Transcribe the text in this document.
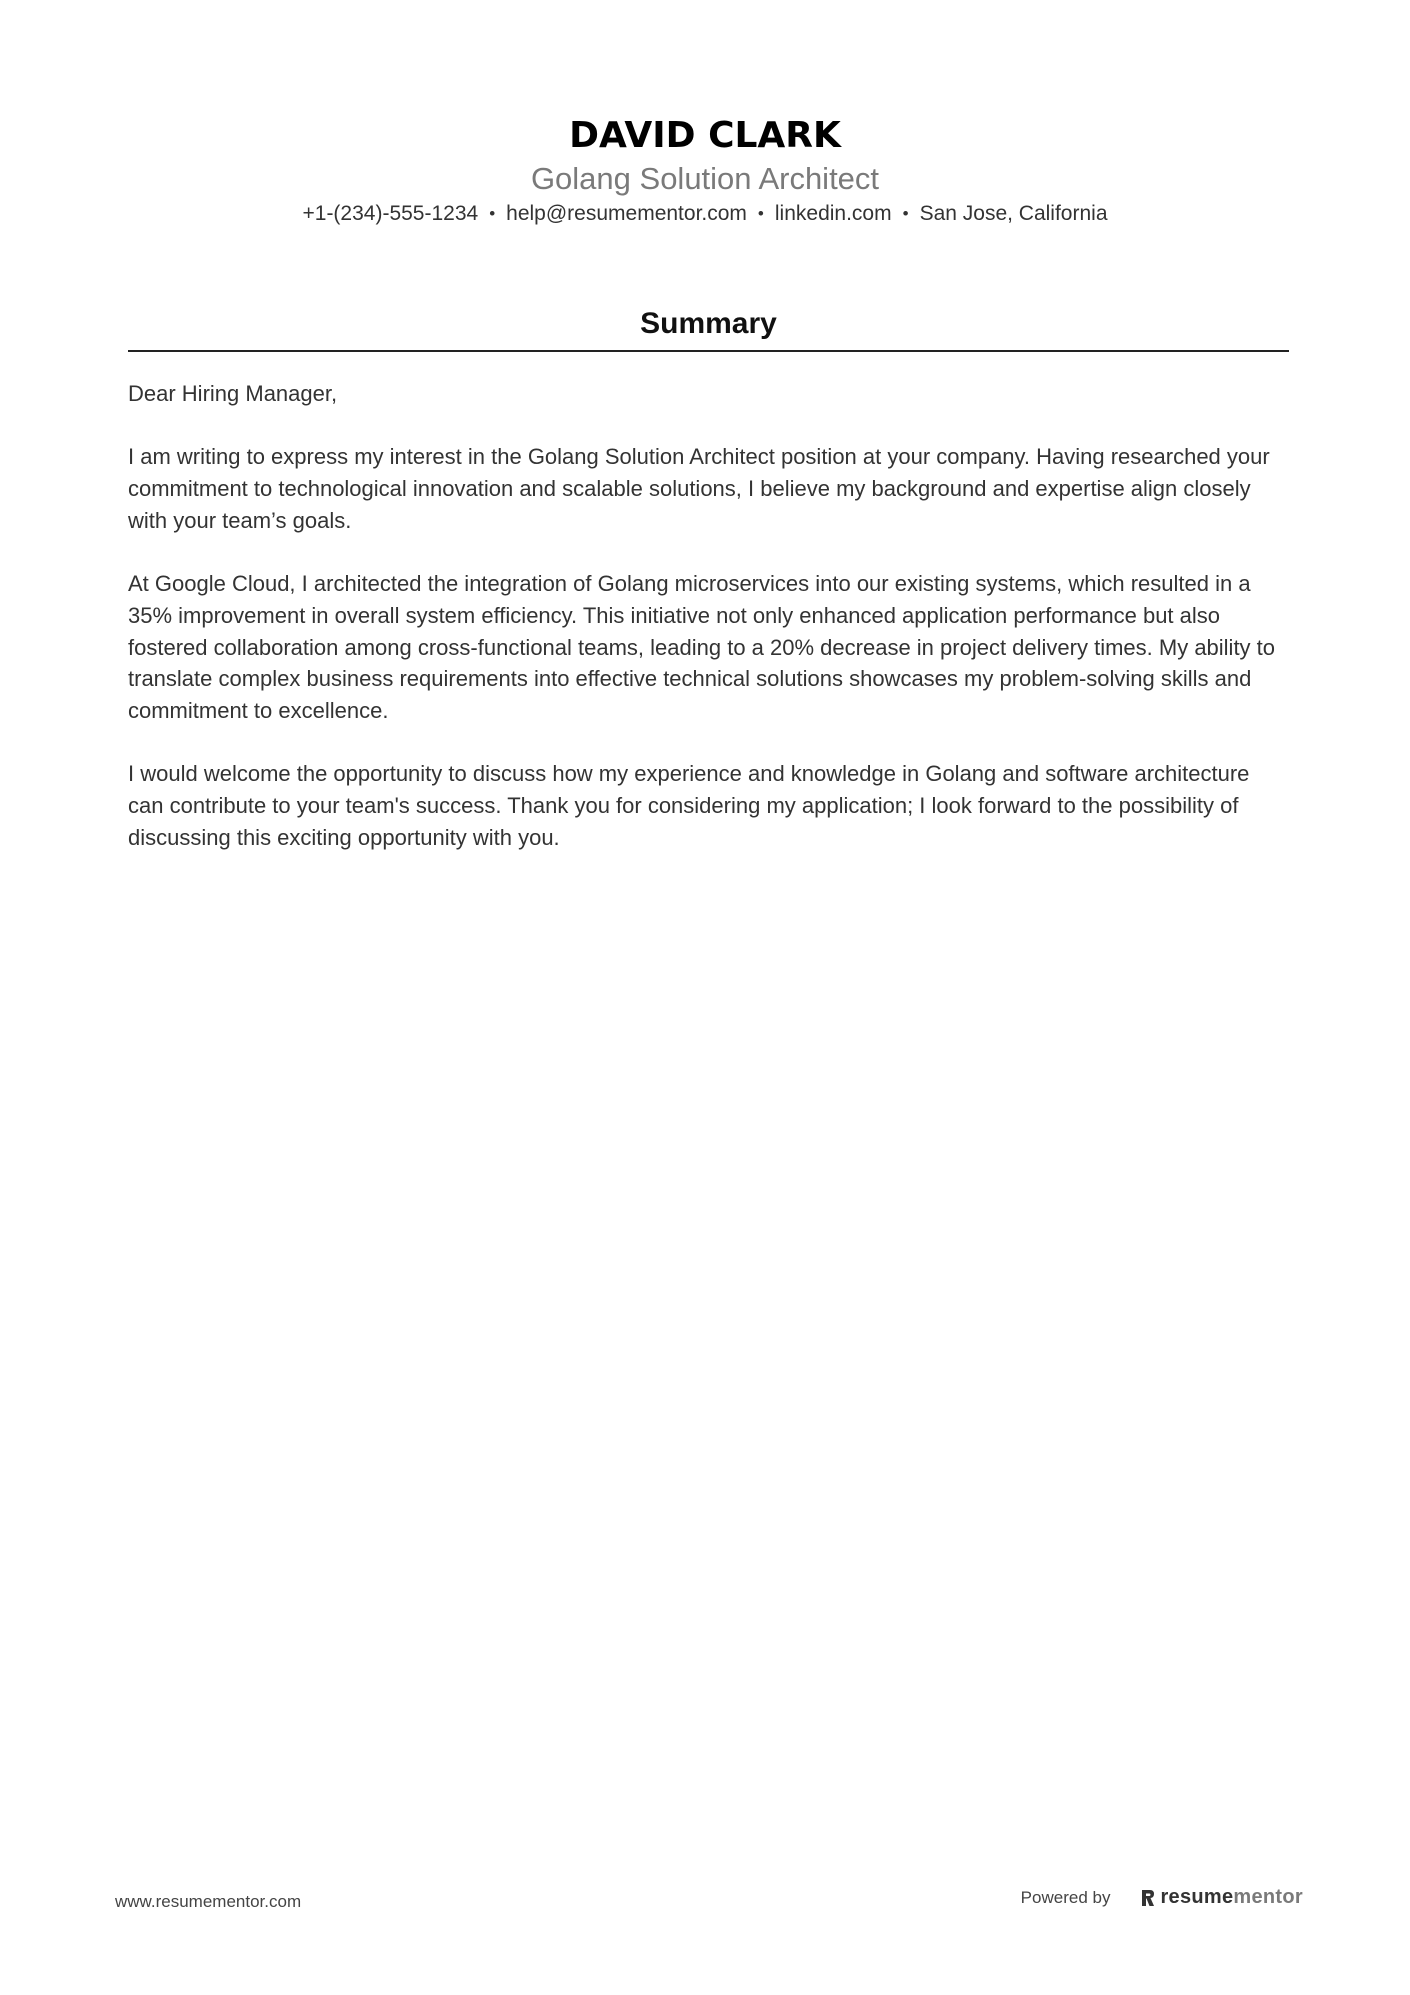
DAVID CLARK
Golang Solution Architect
+1-(234)-555-1234 • help@resumementor.com • linkedin.com • San Jose, California
Summary

Dear Hiring Manager,

I am writing to express my interest in the Golang Solution Architect position at your company. Having researched your commitment to technological innovation and scalable solutions, I believe my background and expertise align closely with your team’s goals.

At Google Cloud, I architected the integration of Golang microservices into our existing systems, which resulted in a 35% improvement in overall system efficiency. This initiative not only enhanced application performance but also fostered collaboration among cross-functional teams, leading to a 20% decrease in project delivery times. My ability to translate complex business requirements into effective technical solutions showcases my problem-solving skills and commitment to excellence.

I would welcome the opportunity to discuss how my experience and knowledge in Golang and software architecture can contribute to your team's success. Thank you for considering my application; I look forward to the possibility of discussing this exciting opportunity with you.

www.resumementor.com	Powered by	resume mentor
